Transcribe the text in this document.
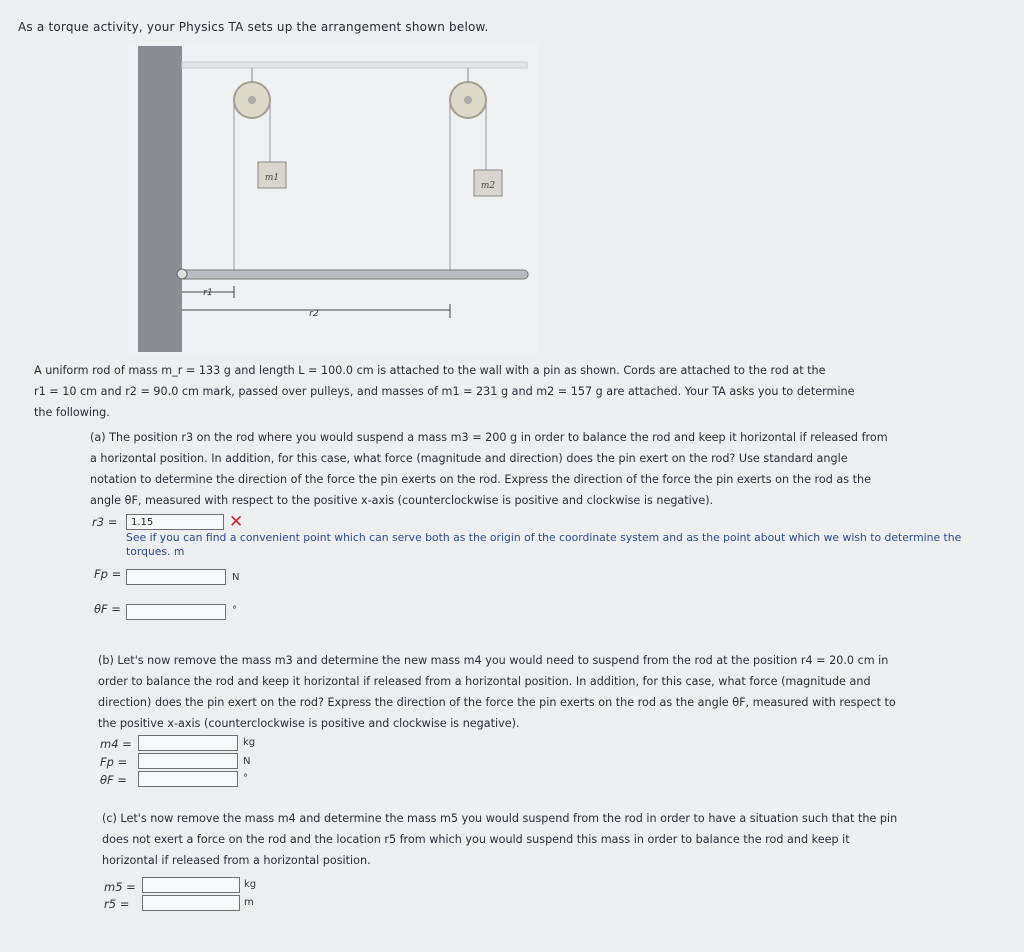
As a torque activity, your Physics TA sets up the arrangement shown below.
m1
m2
r1
r2
A uniform rod of mass m_r = 133 g and length L = 100.0 cm is attached to the wall with a pin as shown. Cords are attached to the rod at the
r1 = 10 cm and r2 = 90.0 cm mark, passed over pulleys, and masses of m1 = 231 g and m2 = 157 g are attached. Your TA asks you to determine
the following.
(a) The position r3 on the rod where you would suspend a mass m3 = 200 g in order to balance the rod and keep it horizontal if released from
a horizontal position. In addition, for this case, what force (magnitude and direction) does the pin exert on the rod? Use standard angle
notation to determine the direction of the force the pin exerts on the rod. Express the direction of the force the pin exerts on the rod as the
angle θF, measured with respect to the positive x-axis (counterclockwise is positive and clockwise is negative).
r3 =
1.15	✕
See if you can find a convenient point which can serve both as the origin of the coordinate system and as the point about which we wish to determine the torques. m
Fp =	N
θF =	°
(b) Let's now remove the mass m3 and determine the new mass m4 you would need to suspend from the rod at the position r4 = 20.0 cm in
order to balance the rod and keep it horizontal if released from a horizontal position. In addition, for this case, what force (magnitude and
direction) does the pin exert on the rod? Express the direction of the force the pin exerts on the rod as the angle θF, measured with respect to
the positive x-axis (counterclockwise is positive and clockwise is negative).
m4 =	kg
Fp =	N
θF =	°
(c) Let's now remove the mass m4 and determine the mass m5 you would suspend from the rod in order to have a situation such that the pin
does not exert a force on the rod and the location r5 from which you would suspend this mass in order to balance the rod and keep it
horizontal if released from a horizontal position.
m5 =	kg
r5 =	m
